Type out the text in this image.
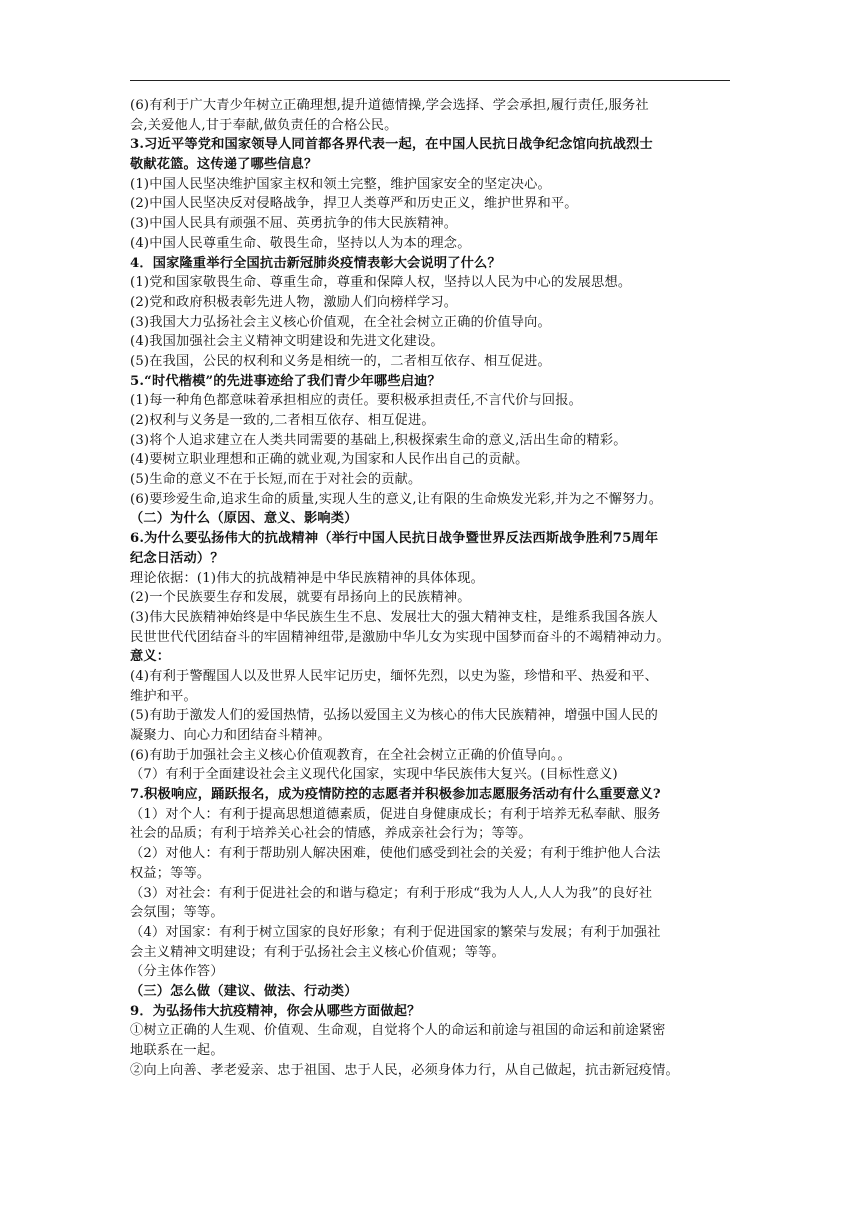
(6)有利于广大青少年树立正确理想,提升道德情操,学会选择、学会承担,履行责任,服务社
会,关爱他人,甘于奉献,做负责任的合格公民。
3.习近平等党和国家领导人同首都各界代表一起，在中国人民抗日战争纪念馆向抗战烈士
敬献花篮。这传递了哪些信息？
(1)中国人民坚决维护国家主权和领土完整，维护国家安全的坚定决心。
(2)中国人民坚决反对侵略战争，捍卫人类尊严和历史正义，维护世界和平。
(3)中国人民具有顽强不屈、英勇抗争的伟大民族精神。
(4)中国人民尊重生命、敬畏生命，坚持以人为本的理念。
4．国家隆重举行全国抗击新冠肺炎疫情表彰大会说明了什么？
(1)党和国家敬畏生命、尊重生命，尊重和保障人权，坚持以人民为中心的发展思想。
(2)党和政府积极表彰先进人物，激励人们向榜样学习。
(3)我国大力弘扬社会主义核心价值观，在全社会树立正确的价值导向。
(4)我国加强社会主义精神文明建设和先进文化建设。
(5)在我国，公民的权利和义务是相统一的，二者相互依存、相互促进。
5.“时代楷模”的先进事迹给了我们青少年哪些启迪？
(1)每一种角色都意味着承担相应的责任。要积极承担责任,不言代价与回报。
(2)权利与义务是一致的,二者相互依存、相互促进。
(3)将个人追求建立在人类共同需要的基础上,积极探索生命的意义,活出生命的精彩。
(4)要树立职业理想和正确的就业观,为国家和人民作出自己的贡献。
(5)生命的意义不在于长短,而在于对社会的贡献。
(6)要珍爱生命,追求生命的质量,实现人生的意义,让有限的生命焕发光彩,并为之不懈努力。
（二）为什么（原因、意义、影响类）
6.为什么要弘扬伟大的抗战精神（举行中国人民抗日战争暨世界反法西斯战争胜利75周年
纪念日活动）？
理论依据：(1)伟大的抗战精神是中华民族精神的具体体现。
(2)一个民族要生存和发展，就要有昂扬向上的民族精神。
(3)伟大民族精神始终是中华民族生生不息、发展壮大的强大精神支柱，是维系我国各族人
民世世代代团结奋斗的牢固精神纽带,是激励中华儿女为实现中国梦而奋斗的不竭精神动力。
意义：
(4)有利于警醒国人以及世界人民牢记历史，缅怀先烈，以史为鉴，珍惜和平、热爱和平、
维护和平。
(5)有助于激发人们的爱国热情，弘扬以爱国主义为核心的伟大民族精神，增强中国人民的
凝聚力、向心力和团结奋斗精神。
(6)有助于加强社会主义核心价值观教育，在全社会树立正确的价值导向。。
（7）有利于全面建设社会主义现代化国家，实现中华民族伟大复兴。(目标性意义)
7.积极响应，踊跃报名，成为疫情防控的志愿者并积极参加志愿服务活动有什么重要意义?
（1）对个人：有利于提高思想道德素质，促进自身健康成长；有利于培养无私奉献、服务
社会的品质；有利于培养关心社会的情感，养成亲社会行为；等等。
（2）对他人：有利于帮助别人解决困难，使他们感受到社会的关爱；有利于维护他人合法
权益；等等。
（3）对社会：有利于促进社会的和谐与稳定；有利于形成“我为人人,人人为我”的良好社
会氛围；等等。
（4）对国家：有利于树立国家的良好形象；有利于促进国家的繁荣与发展；有利于加强社
会主义精神文明建设；有利于弘扬社会主义核心价值观；等等。
（分主体作答）
（三）怎么做（建议、做法、行动类）
9．为弘扬伟大抗疫精神，你会从哪些方面做起？
①树立正确的人生观、价值观、生命观，自觉将个人的命运和前途与祖国的命运和前途紧密
地联系在一起。
②向上向善、孝老爱亲、忠于祖国、忠于人民，必须身体力行，从自己做起，抗击新冠疫情。
